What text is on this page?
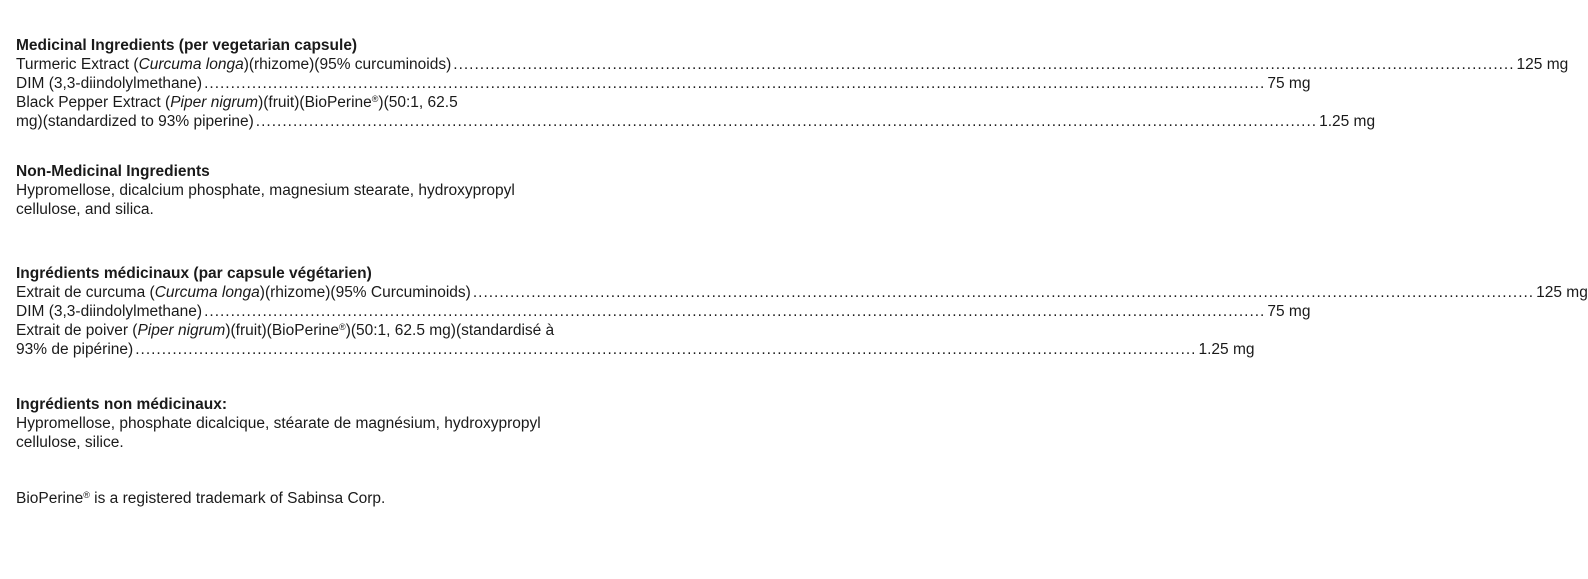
Medicinal Ingredients (per vegetarian capsule)

Turmeric Extract (Curcuma longa)(rhizome)(95% curcuminoids) ........................................................................................................................................................................................................ 125 mg
DIM (3,3-diindolylmethane) ........................................................................................................................................................................................................ 75 mg
Black Pepper Extract (Piper nigrum)(fruit)(BioPerine®)(50:1, 62.5
mg)(standardized to 93% piperine) ........................................................................................................................................................................................................ 1.25 mg

Non-Medicinal Ingredients

Hypromellose, dicalcium phosphate, magnesium stearate, hydroxypropyl
cellulose, and silica.

Ingrédients médicinaux (par capsule végétarien)

Extrait de curcuma (Curcuma longa)(rhizome)(95% Curcuminoids) ........................................................................................................................................................................................................ 125 mg
DIM (3,3-diindolylmethane) ........................................................................................................................................................................................................ 75 mg
Extrait de poiver (Piper nigrum)(fruit)(BioPerine®)(50:1, 62.5 mg)(standardisé à
93% de pipérine) ........................................................................................................................................................................................................ 1.25 mg

Ingrédients non médicinaux:

Hypromellose, phosphate dicalcique, stéarate de magnésium, hydroxypropyl
cellulose, silice.
BioPerine® is a registered trademark of Sabinsa Corp.
